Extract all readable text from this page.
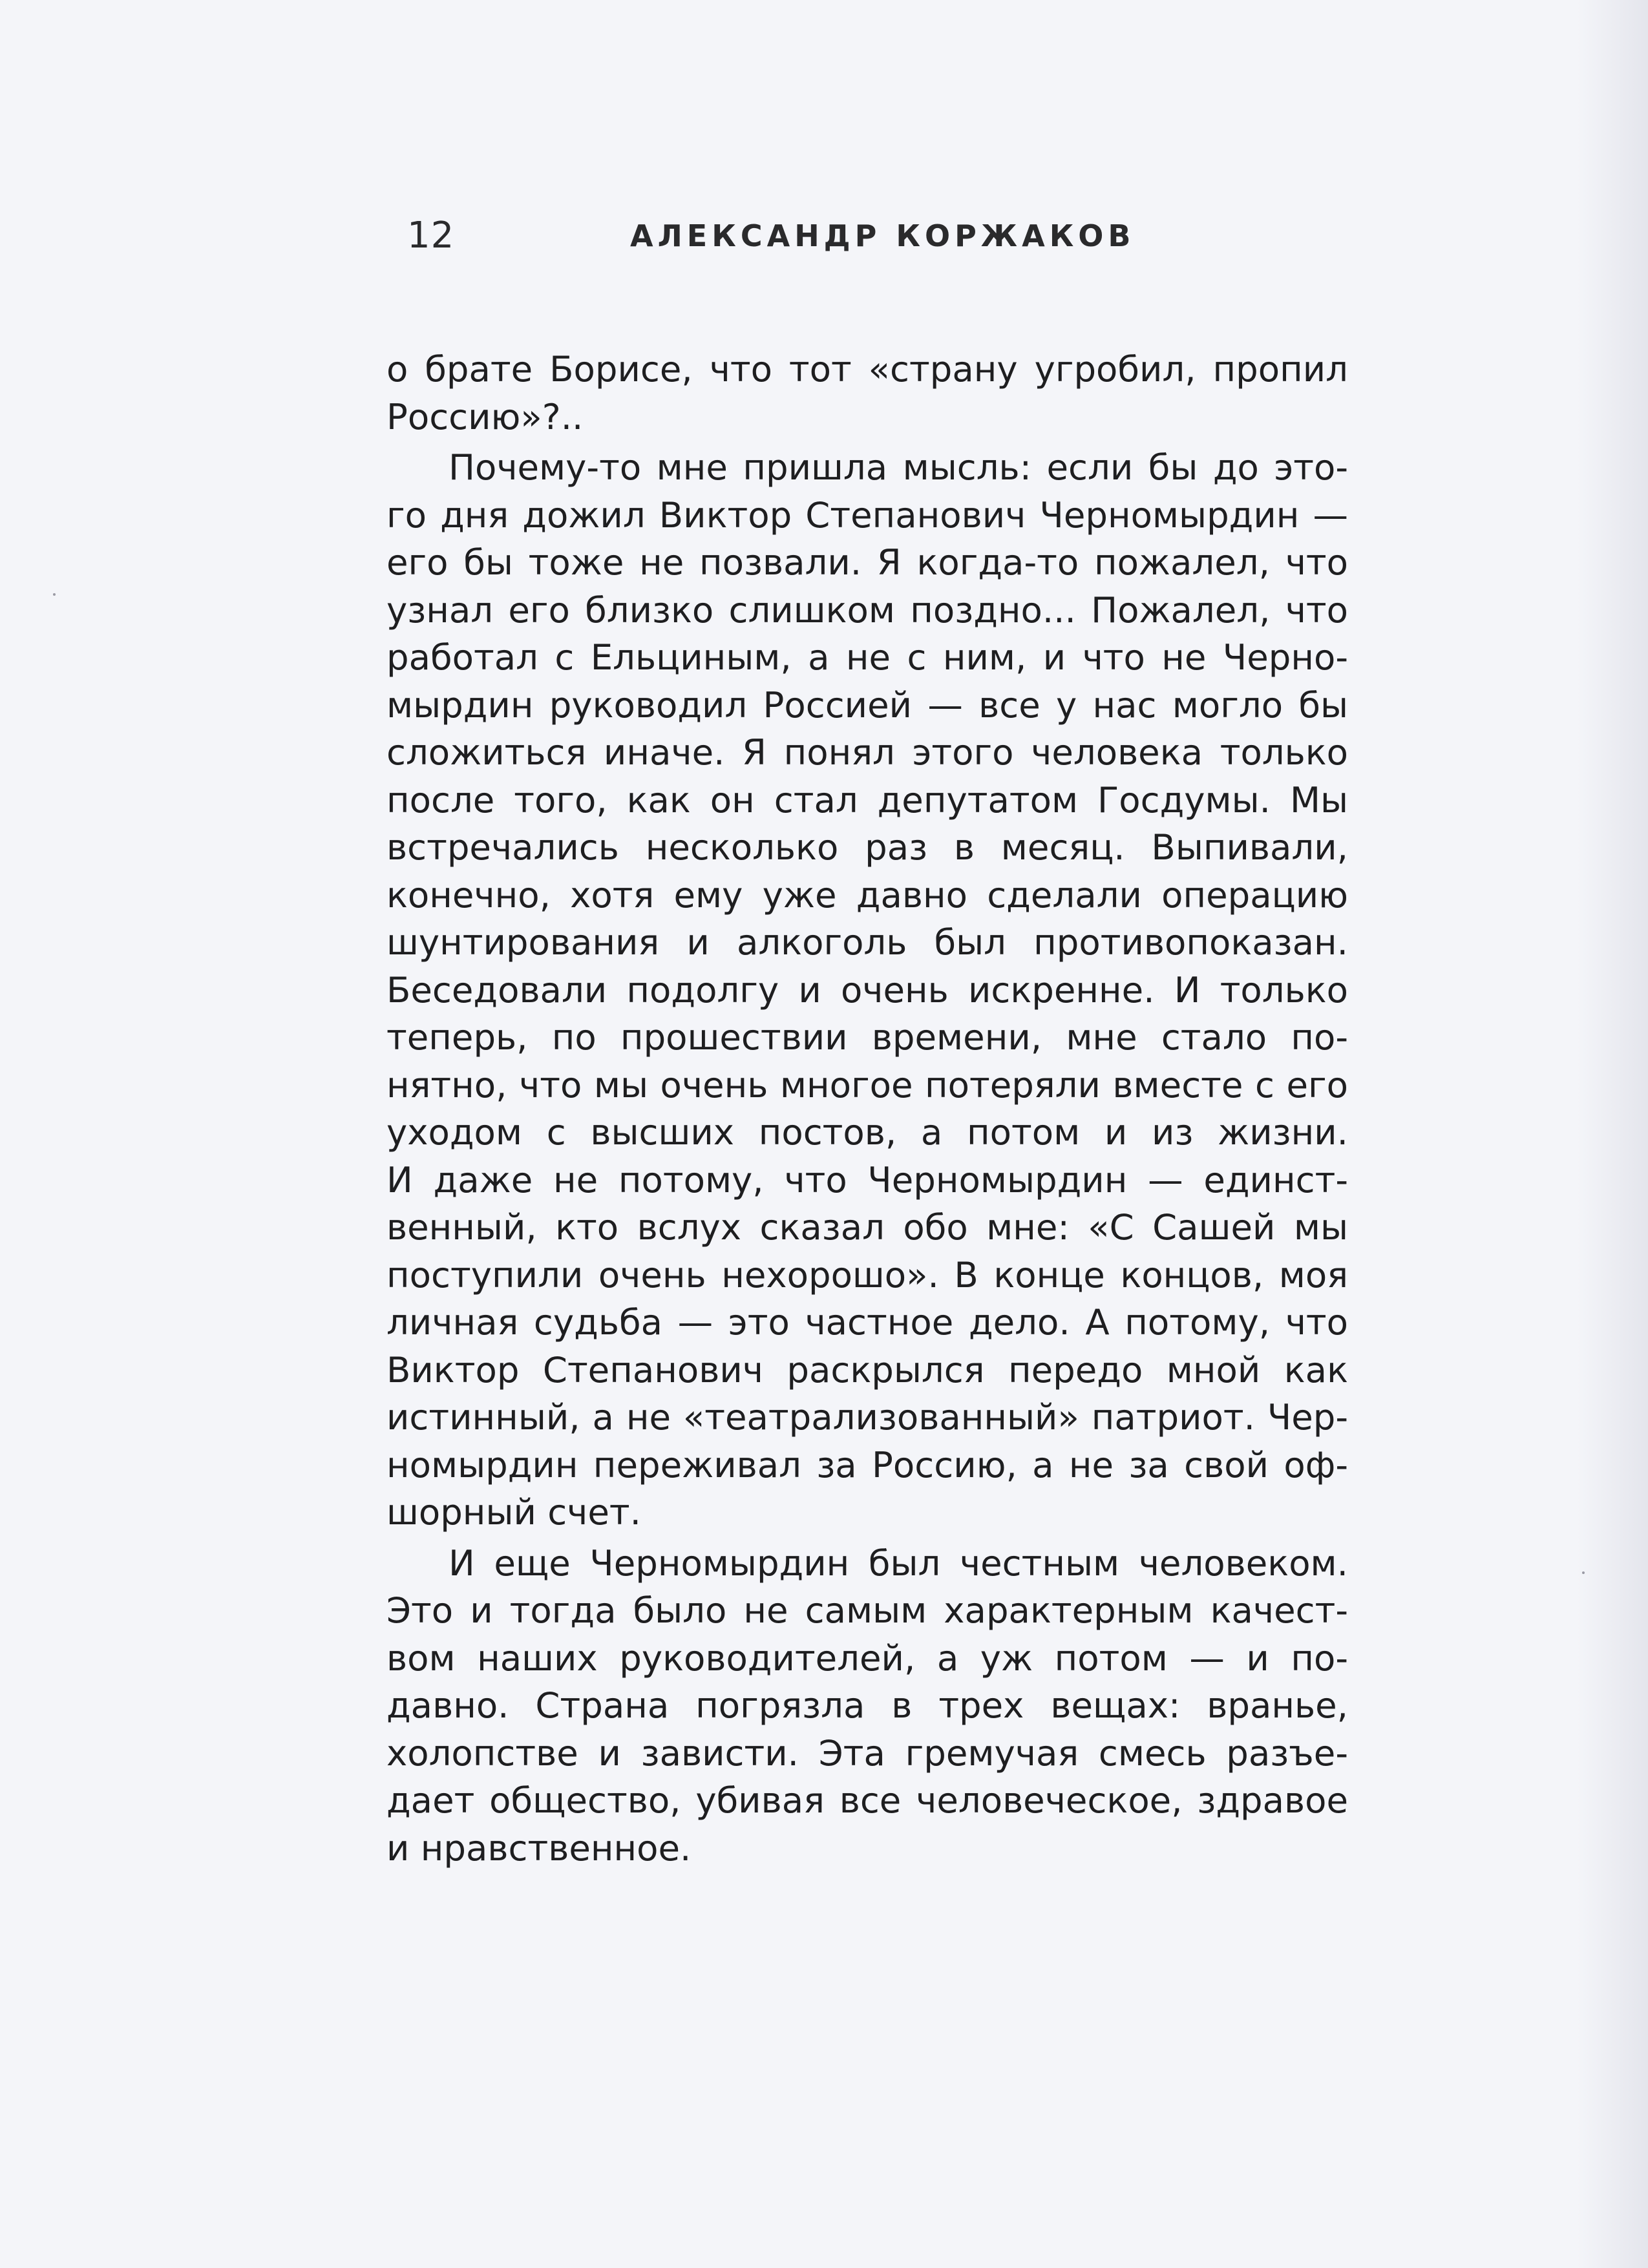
12	АЛЕКСАНДР КОРЖАКОВ

о брате Борисе, что тот «страну угробил, пропил
Россию»?..

Почему-то мне пришла мысль: если бы до это-
го дня дожил Виктор Степанович Черномырдин —
его бы тоже не позвали. Я когда-то пожалел, что
узнал его близко слишком поздно... Пожалел, что
работал с Ельциным, а не с ним, и что не Черно-
мырдин руководил Россией — все у нас могло бы
сложиться иначе. Я понял этого человека только
после того, как он стал депутатом Госдумы. Мы
встречались несколько раз в месяц. Выпивали,
конечно, хотя ему уже давно сделали операцию
шунтирования и алкоголь был противопоказан.
Беседовали подолгу и очень искренне. И только
теперь, по прошествии времени, мне стало по-
нятно, что мы очень многое потеряли вместе с его
уходом с высших постов, а потом и из жизни.
И даже не потому, что Черномырдин — единст-
венный, кто вслух сказал обо мне: «С Сашей мы
поступили очень нехорошо». В конце концов, моя
личная судьба — это частное дело. А потому, что
Виктор Степанович раскрылся передо мной как
истинный, а не «театрализованный» патриот. Чер-
номырдин переживал за Россию, а не за свой оф-
шорный счет.

И еще Черномырдин был честным человеком.
Это и тогда было не самым характерным качест-
вом наших руководителей, а уж потом — и по-
давно. Страна погрязла в трех вещах: вранье,
холопстве и зависти. Эта гремучая смесь разъе-
дает общество, убивая все человеческое, здравое
и нравственное.
